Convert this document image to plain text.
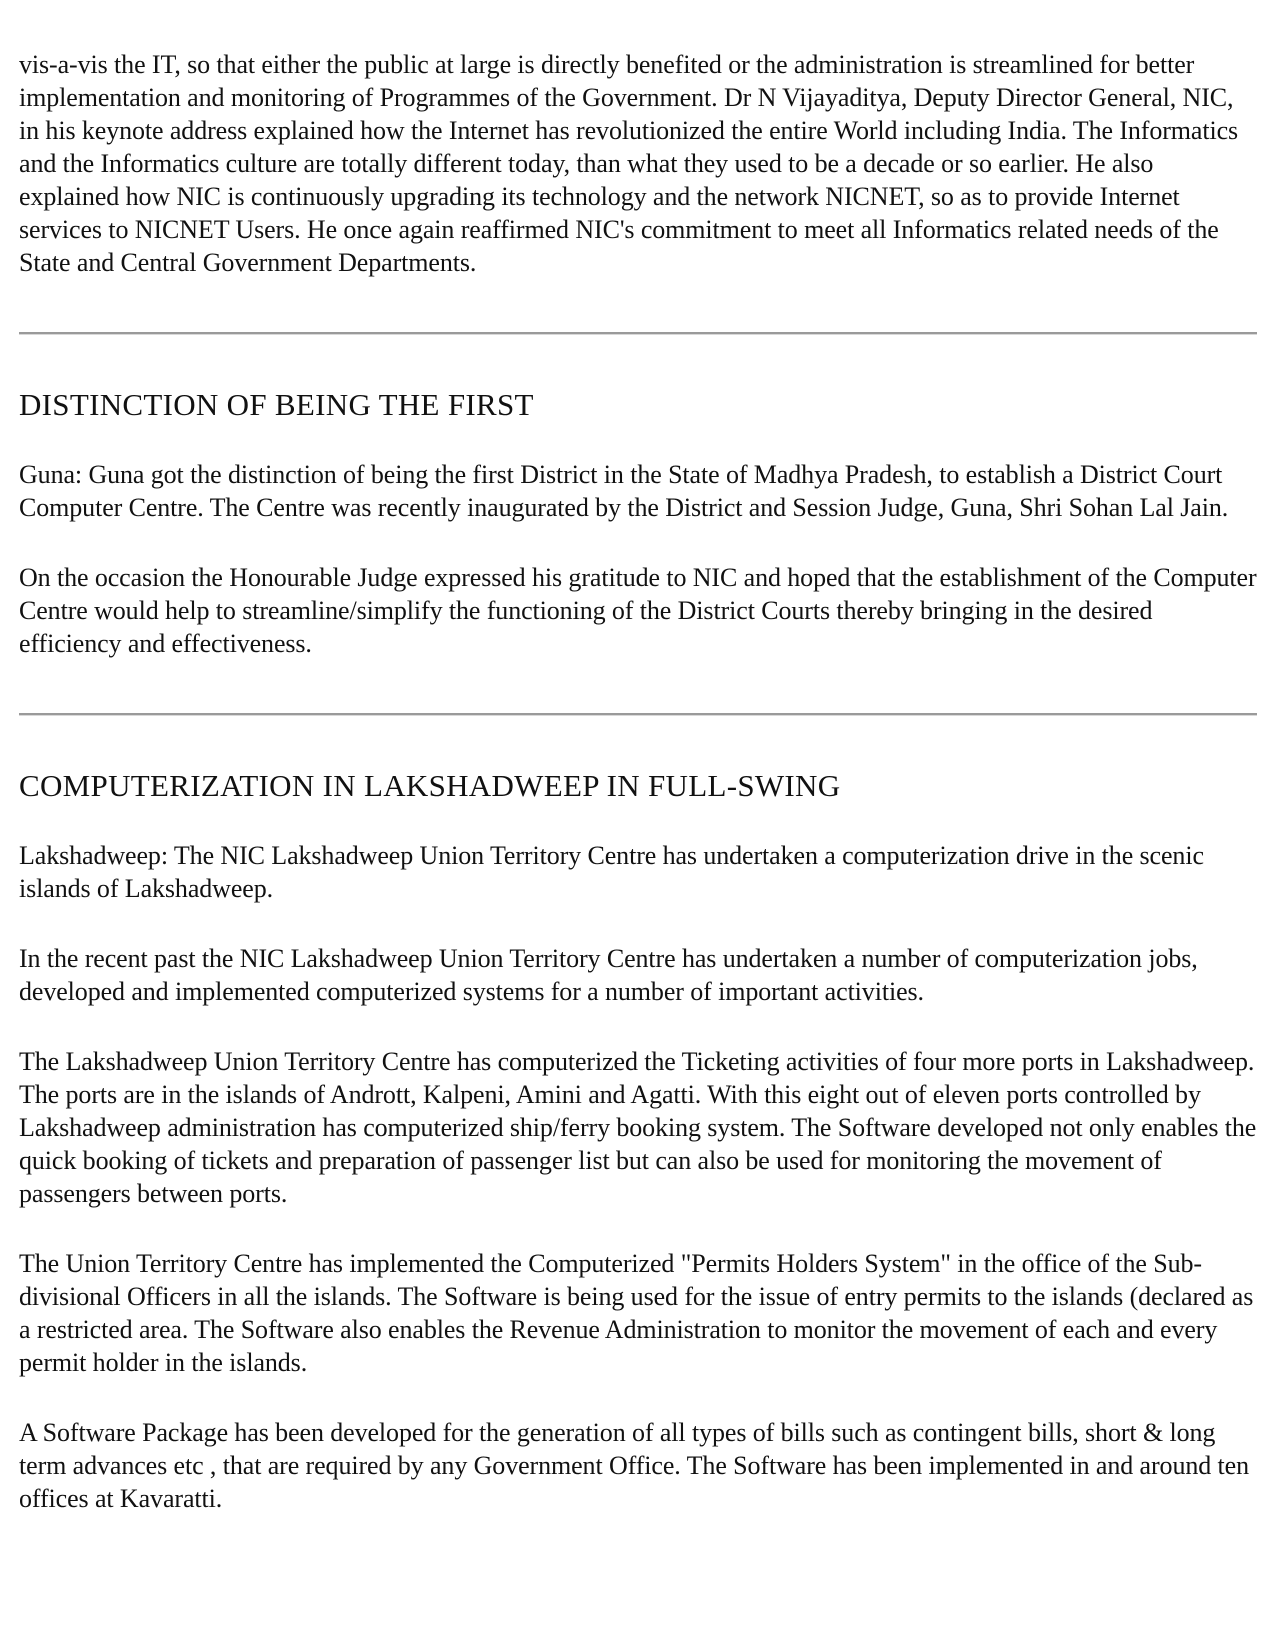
vis-a-vis the IT, so that either the public at large is directly benefited or the administration is streamlined for better implementation and monitoring of Programmes of the Government. Dr N Vijayaditya, Deputy Director General, NIC, in his keynote address explained how the Internet has revolutionized the entire World including India. The Informatics and the Informatics culture are totally different today, than what they used to be a decade or so earlier. He also explained how NIC is continuously upgrading its technology and the network NICNET, so as to provide Internet services to NICNET Users. He once again reaffirmed NIC's commitment to meet all Informatics related needs of the State and Central Government Departments.

DISTINCTION OF BEING THE FIRST

Guna: Guna got the distinction of being the first District in the State of Madhya Pradesh, to establish a District Court Computer Centre. The Centre was recently inaugurated by the District and Session Judge, Guna, Shri Sohan Lal Jain.

On the occasion the Honourable Judge expressed his gratitude to NIC and hoped that the establishment of the Computer Centre would help to streamline/simplify the functioning of the District Courts thereby bringing in the desired efficiency and effectiveness.

COMPUTERIZATION IN LAKSHADWEEP IN FULL-SWING

Lakshadweep: The NIC Lakshadweep Union Territory Centre has undertaken a computerization drive in the scenic islands of Lakshadweep.

In the recent past the NIC Lakshadweep Union Territory Centre has undertaken a number of computerization jobs, developed and implemented computerized systems for a number of important activities.

The Lakshadweep Union Territory Centre has computerized the Ticketing activities of four more ports in Lakshadweep. The ports are in the islands of Andrott, Kalpeni, Amini and Agatti. With this eight out of eleven ports controlled by Lakshadweep administration has computerized ship/ferry booking system. The Software developed not only enables the quick booking of tickets and preparation of passenger list but can also be used for monitoring the movement of passengers between ports.

The Union Territory Centre has implemented the Computerized "Permits Holders System" in the office of the Sub-divisional Officers in all the islands. The Software is being used for the issue of entry permits to the islands (declared as a restricted area. The Software also enables the Revenue Administration to monitor the movement of each and every permit holder in the islands.

A Software Package has been developed for the generation of all types of bills such as contingent bills, short & long term advances etc , that are required by any Government Office. The Software has been implemented in and around ten offices at Kavaratti.
